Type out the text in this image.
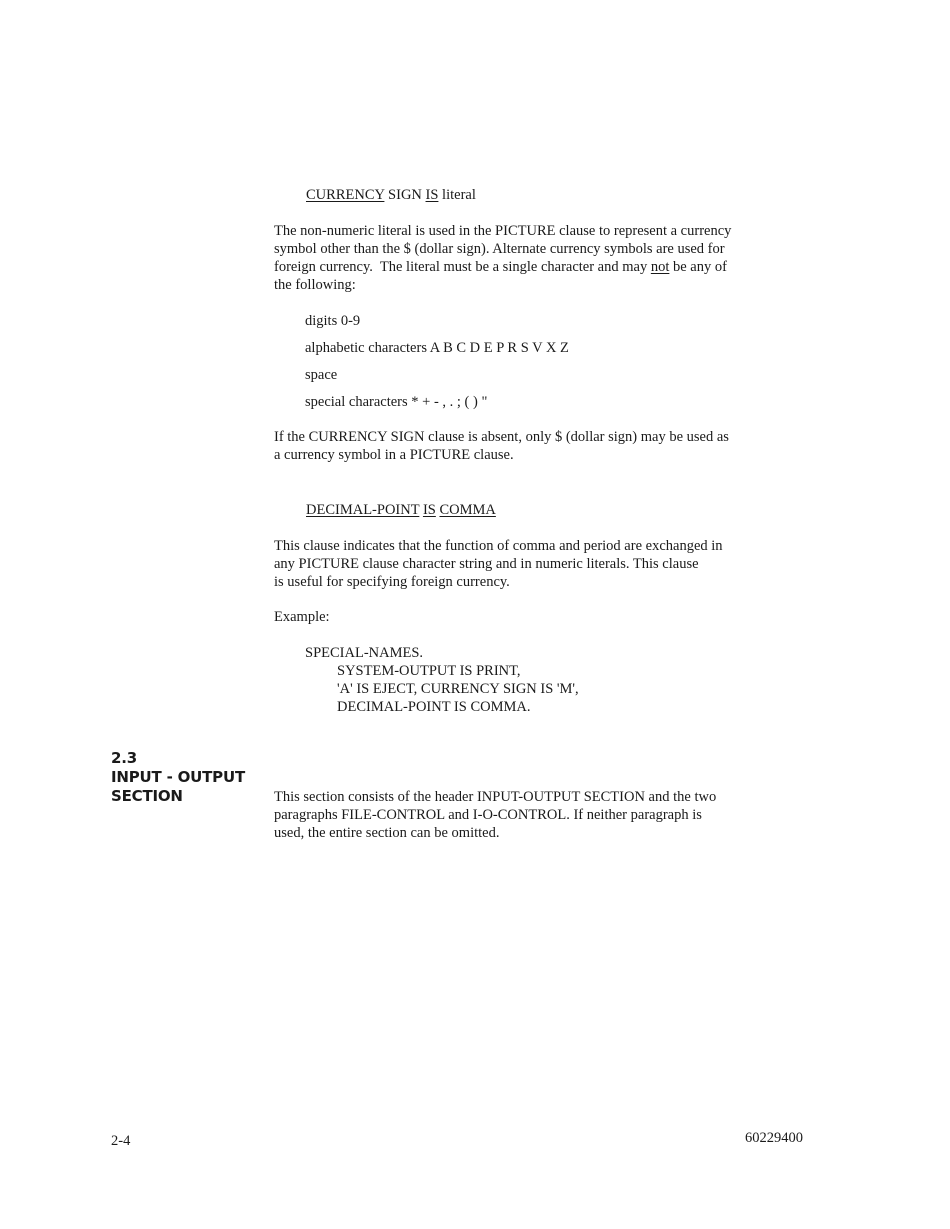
CURRENCY SIGN IS literal
The non-numeric literal is used in the PICTURE clause to represent a currency
symbol other than the $ (dollar sign). Alternate currency symbols are used for
foreign currency.  The literal must be a single character and may not be any of
the following:
digits 0-9
alphabetic characters A B C D E P R S V X Z
space
special characters * + - , . ; ( ) "
If the CURRENCY SIGN clause is absent, only $ (dollar sign) may be used as
a currency symbol in a PICTURE clause.
DECIMAL-POINT IS COMMA
This clause indicates that the function of comma and period are exchanged in
any PICTURE clause character string and in numeric literals. This clause
is useful for specifying foreign currency.
Example:
SPECIAL-NAMES.
SYSTEM-OUTPUT IS PRINT,
'A' IS EJECT, CURRENCY SIGN IS 'M',
DECIMAL-POINT IS COMMA.
2.3
INPUT - OUTPUT
SECTION	This section consists of the header INPUT-OUTPUT SECTION and the two
paragraphs FILE-CONTROL and I-O-CONTROL. If neither paragraph is
used, the entire section can be omitted.
2-4	60229400
